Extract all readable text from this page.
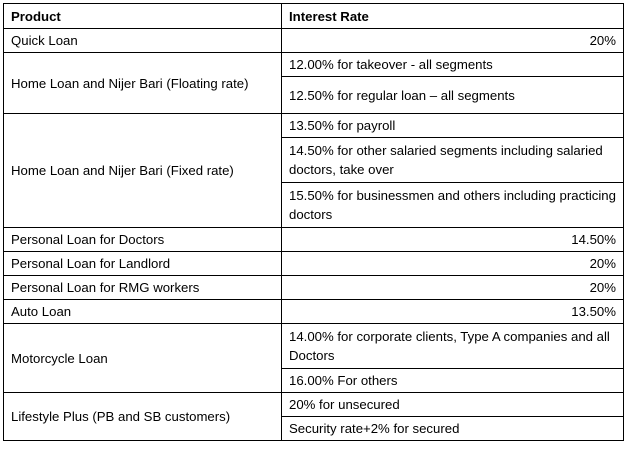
Product	Interest Rate
Quick Loan	20%
Home Loan and Nijer Bari (Floating rate)	12.00% for takeover - all segments
	12.50% for regular loan – all segments
Home Loan and Nijer Bari (Fixed rate)	13.50% for payroll
	14.50% for other salaried segments including salaried doctors, take over
	15.50% for businessmen and others including practicing doctors
Personal Loan for Doctors	14.50%
Personal Loan for Landlord	20%
Personal Loan for RMG workers	20%
Auto Loan	13.50%
Motorcycle Loan	14.00% for corporate clients, Type A companies and all Doctors
	16.00% For others
Lifestyle Plus (PB and SB customers)	20% for unsecured
	Security rate+2% for secured
